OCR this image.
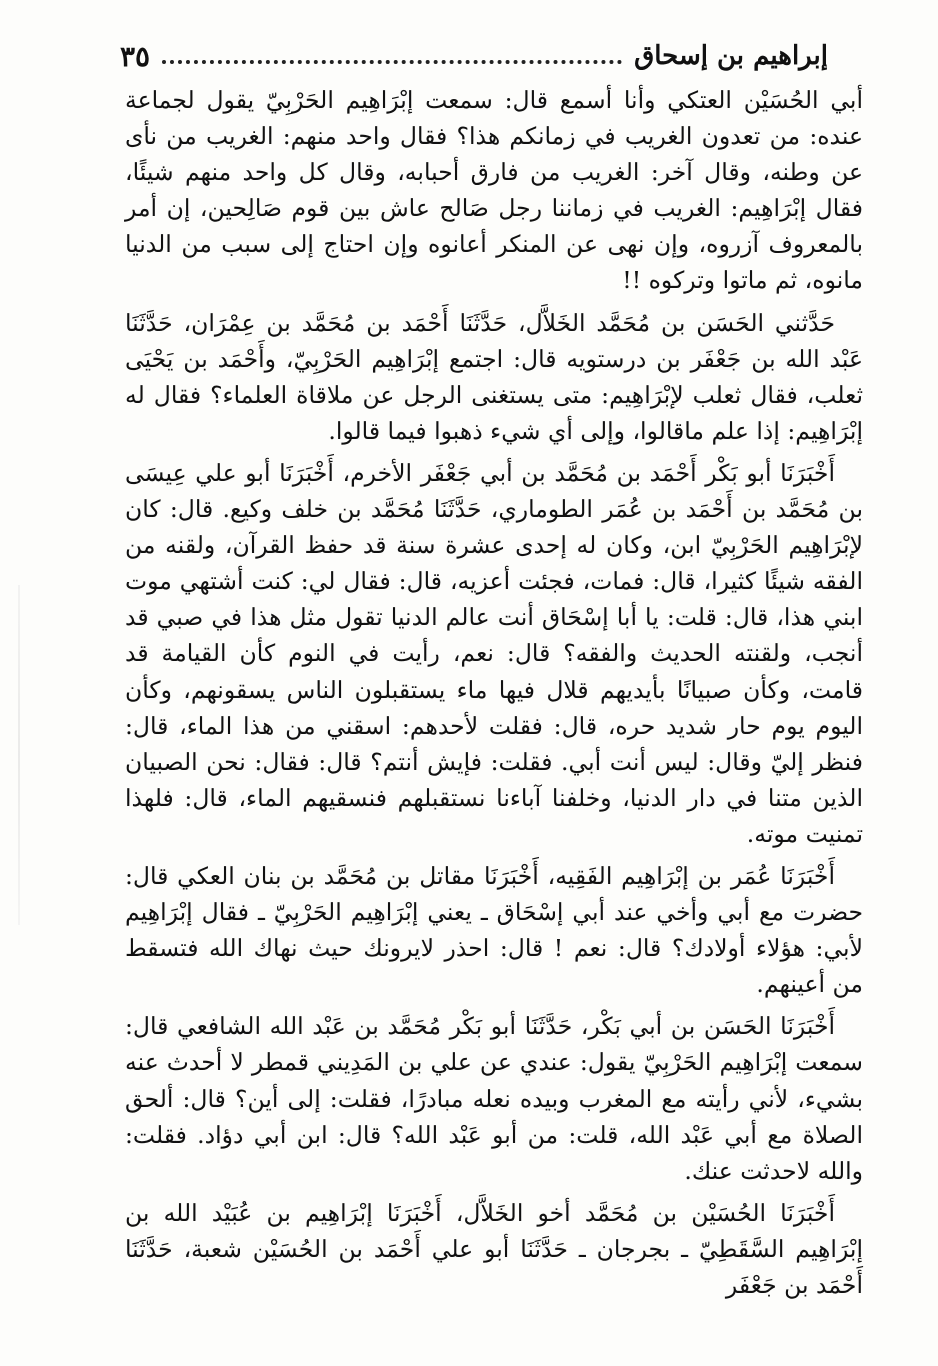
إبراهيم بن إسحاق
٣٥

أبي الحُسَيْن العتكي وأنا أسمع قال: سمعت إبْرَاهِيم الحَرْبِيّ يقول لجماعة عنده: من تعدون الغريب في زمانكم هذا؟ فقال واحد منهم: الغريب من نأى عن وطنه، وقال آخر: الغريب من فارق أحبابه، وقال كل واحد منهم شيئًا، فقال إبْرَاهِيم: الغريب في زماننا رجل صَالح عاش بين قوم صَالِحين، إن أمر بالمعروف آزروه، وإن نهى عن المنكر أعانوه وإن احتاج إلى سبب من الدنيا مانوه، ثم ماتوا وتركوه !!

حَدَّثني الحَسَن بن مُحَمَّد الخَلاَّل، حَدَّثَنَا أَحْمَد بن مُحَمَّد بن عِمْرَان، حَدَّثَنَا عَبْد الله بن جَعْفَر بن درستويه قال: اجتمع إبْرَاهِيم الحَرْبِيّ، وأَحْمَد بن يَحْيَى ثعلب، فقال ثعلب لإبْرَاهِيم: متى يستغنى الرجل عن ملاقاة العلماء؟ فقال له إبْرَاهِيم: إذا علم ماقالوا، وإلى أي شيء ذهبوا فيما قالوا.

أَخْبَرَنَا أبو بَكْر أَحْمَد بن مُحَمَّد بن أبي جَعْفَر الأخرم، أَخْبَرَنَا أبو علي عِيسَى بن مُحَمَّد بن أَحْمَد بن عُمَر الطوماري، حَدَّثَنَا مُحَمَّد بن خلف وكيع. قال: كان لإبْرَاهِيم الحَرْبِيّ ابن، وكان له إحدى عشرة سنة قد حفظ القرآن، ولقنه من الفقه شيئًا كثيرا، قال: فمات، فجئت أعزيه، قال: فقال لي: كنت أشتهي موت ابني هذا، قال: قلت: يا أبا إسْحَاق أنت عالم الدنيا تقول مثل هذا في صبي قد أنجب، ولقنته الحديث والفقه؟ قال: نعم، رأيت في النوم كأن القيامة قد قامت، وكأن صبيانًا بأيديهم قلال فيها ماء يستقبلون الناس يسقونهم، وكأن اليوم يوم حار شديد حره، قال: فقلت لأحدهم: اسقني من هذا الماء، قال: فنظر إليّ وقال: ليس أنت أبي. فقلت: فإيش أنتم؟ قال: فقال: نحن الصبيان الذين متنا في دار الدنيا، وخلفنا آباءنا نستقبلهم فنسقيهم الماء، قال: فلهذا تمنيت موته.

أَخْبَرَنَا عُمَر بن إبْرَاهِيم الفَقِيه، أَخْبَرَنَا مقاتل بن مُحَمَّد بن بنان العكي قال: حضرت مع أبي وأخي عند أبي إسْحَاق ـ يعني إبْرَاهِيم الحَرْبِيّ ـ فقال إبْرَاهِيم لأبي: هؤلاء أولادك؟ قال: نعم ! قال: احذر لايرونك حيث نهاك الله فتسقط من أعينهم.

أَخْبَرَنَا الحَسَن بن أبي بَكْر، حَدَّثَنَا أبو بَكْر مُحَمَّد بن عَبْد الله الشافعي قال: سمعت إبْرَاهِيم الحَرْبِيّ يقول: عندي عن علي بن المَدِيني قمطر لا أحدث عنه بشيء، لأني رأيته مع المغرب وبيده نعله مبادرًا، فقلت: إلى أين؟ قال: ألحق الصلاة مع أبي عَبْد الله، قلت: من أبو عَبْد الله؟ قال: ابن أبي دؤاد. فقلت: والله لاحدثت عنك.

أَخْبَرَنَا الحُسَيْن بن مُحَمَّد أخو الخَلاَّل، أَخْبَرَنَا إبْرَاهِيم بن عُبَيْد الله بن إبْرَاهِيم السَّقَطِيّ ـ بجرجان ـ حَدَّثَنَا أبو علي أَحْمَد بن الحُسَيْن شعبة، حَدَّثَنَا أَحْمَد بن جَعْفَر
